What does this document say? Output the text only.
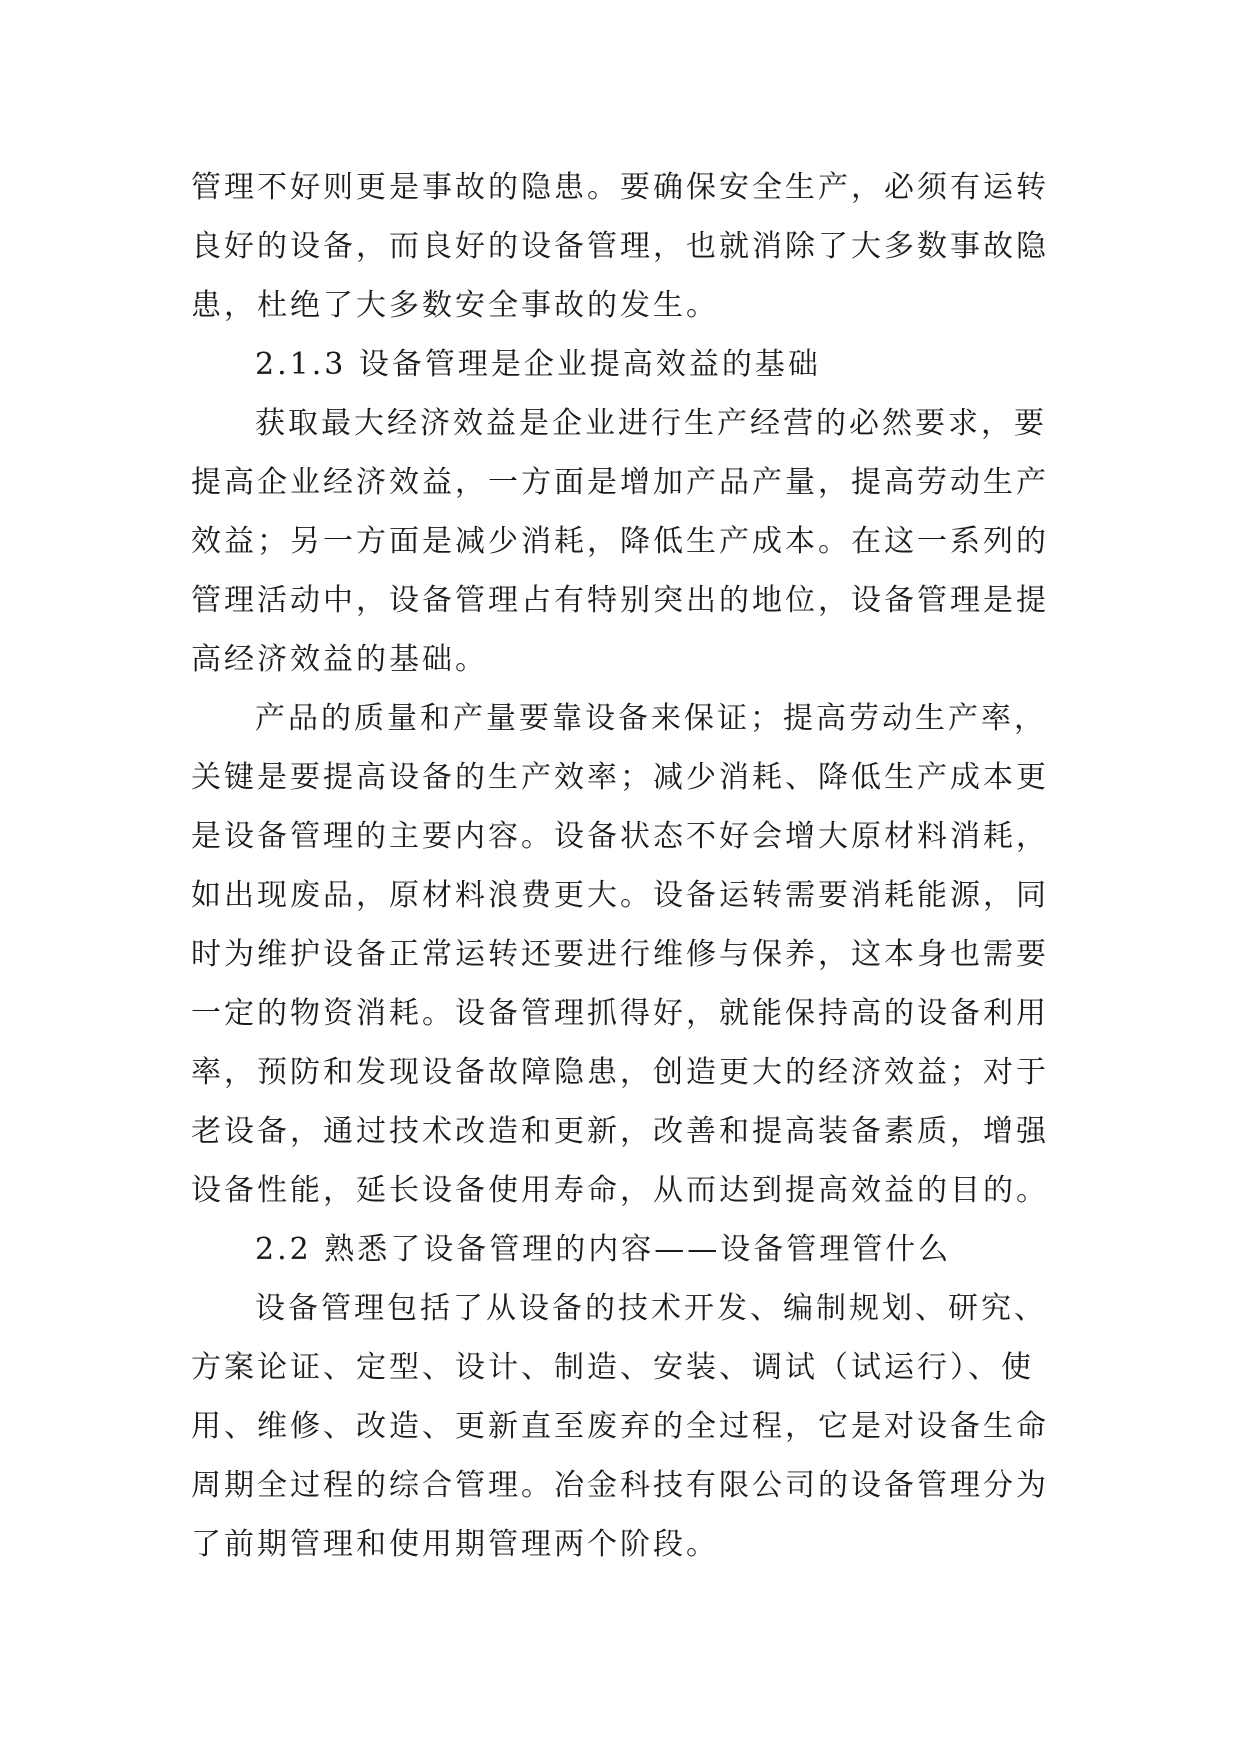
管理不好则更是事故的隐患。要确保安全生产，必须有运转
良好的设备，而良好的设备管理，也就消除了大多数事故隐
患，杜绝了大多数安全事故的发生。
2.1.3 设备管理是企业提高效益的基础
获取最大经济效益是企业进行生产经营的必然要求，要
提高企业经济效益，一方面是增加产品产量，提高劳动生产
效益；另一方面是减少消耗，降低生产成本。在这一系列的
管理活动中，设备管理占有特别突出的地位，设备管理是提
高经济效益的基础。
产品的质量和产量要靠设备来保证；提高劳动生产率，
关键是要提高设备的生产效率；减少消耗、降低生产成本更
是设备管理的主要内容。设备状态不好会增大原材料消耗，
如出现废品，原材料浪费更大。设备运转需要消耗能源，同
时为维护设备正常运转还要进行维修与保养，这本身也需要
一定的物资消耗。设备管理抓得好，就能保持高的设备利用
率，预防和发现设备故障隐患，创造更大的经济效益；对于
老设备，通过技术改造和更新，改善和提高装备素质，增强
设备性能，延长设备使用寿命，从而达到提高效益的目的。
2.2 熟悉了设备管理的内容——设备管理管什么
设备管理包括了从设备的技术开发、编制规划、研究、
方案论证、定型、设计、制造、安装、调试（试运行）、使
用、维修、改造、更新直至废弃的全过程，它是对设备生命
周期全过程的综合管理。冶金科技有限公司的设备管理分为
了前期管理和使用期管理两个阶段。
